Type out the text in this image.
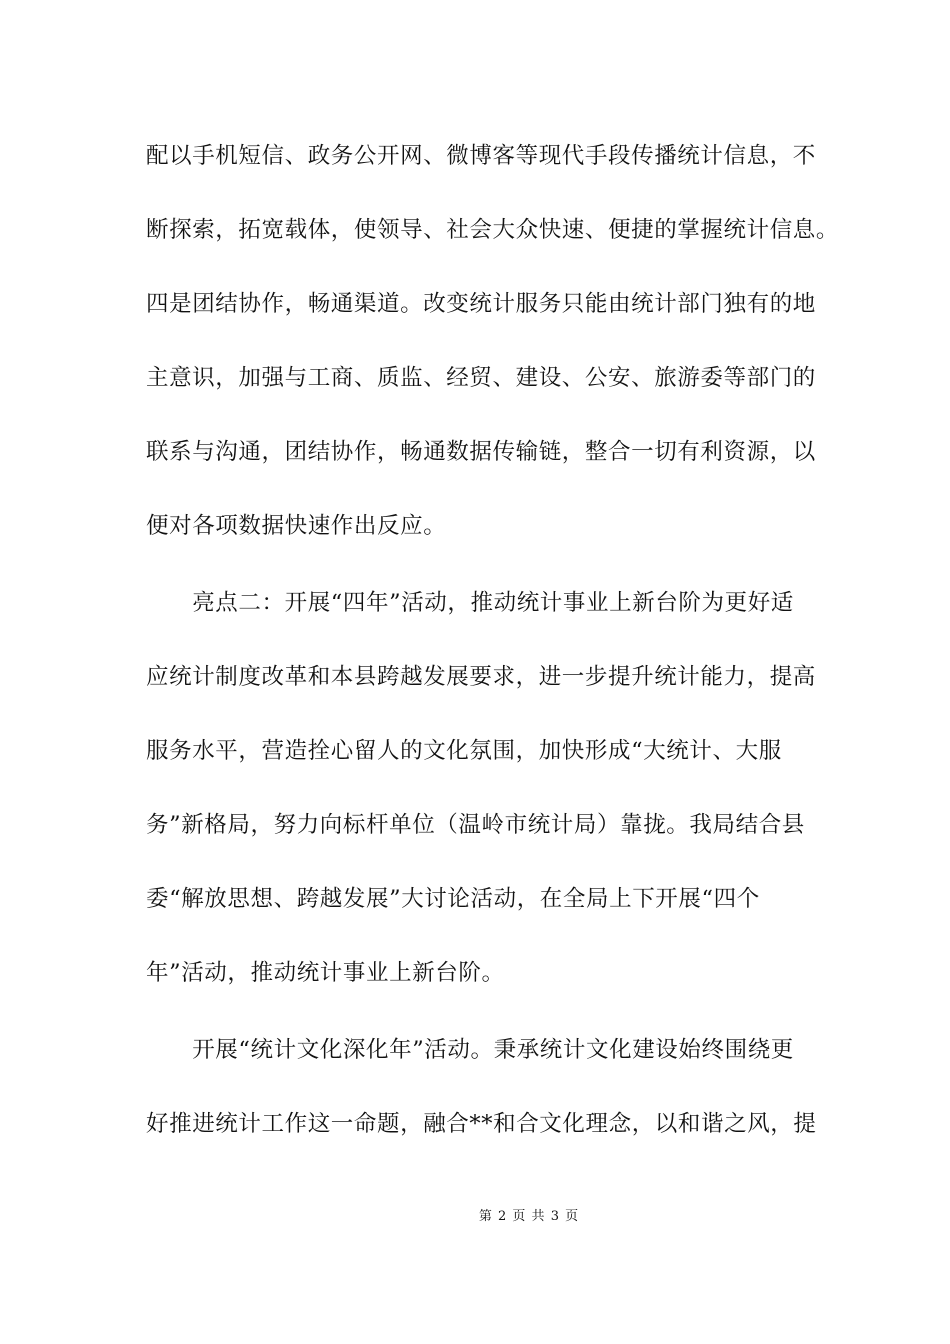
配以手机短信、政务公开网、微博客等现代手段传播统计信息，不
断探索，拓宽载体，使领导、社会大众快速、便捷的掌握统计信息。
四是团结协作，畅通渠道。改变统计服务只能由统计部门独有的地
主意识，加强与工商、质监、经贸、建设、公安、旅游委等部门的
联系与沟通，团结协作，畅通数据传输链，整合一切有利资源，以
便对各项数据快速作出反应。
　　亮点二：开展“四年”活动，推动统计事业上新台阶为更好适
应统计制度改革和本县跨越发展要求，进一步提升统计能力，提高
服务水平，营造拴心留人的文化氛围，加快形成“大统计、大服
务”新格局，努力向标杆单位（温岭市统计局）靠拢。我局结合县
委“解放思想、跨越发展”大讨论活动，在全局上下开展“四个
年”活动，推动统计事业上新台阶。
　　开展“统计文化深化年”活动。秉承统计文化建设始终围绕更
好推进统计工作这一命题，融合**和合文化理念，以和谐之风，提
第 2 页 共 3 页
